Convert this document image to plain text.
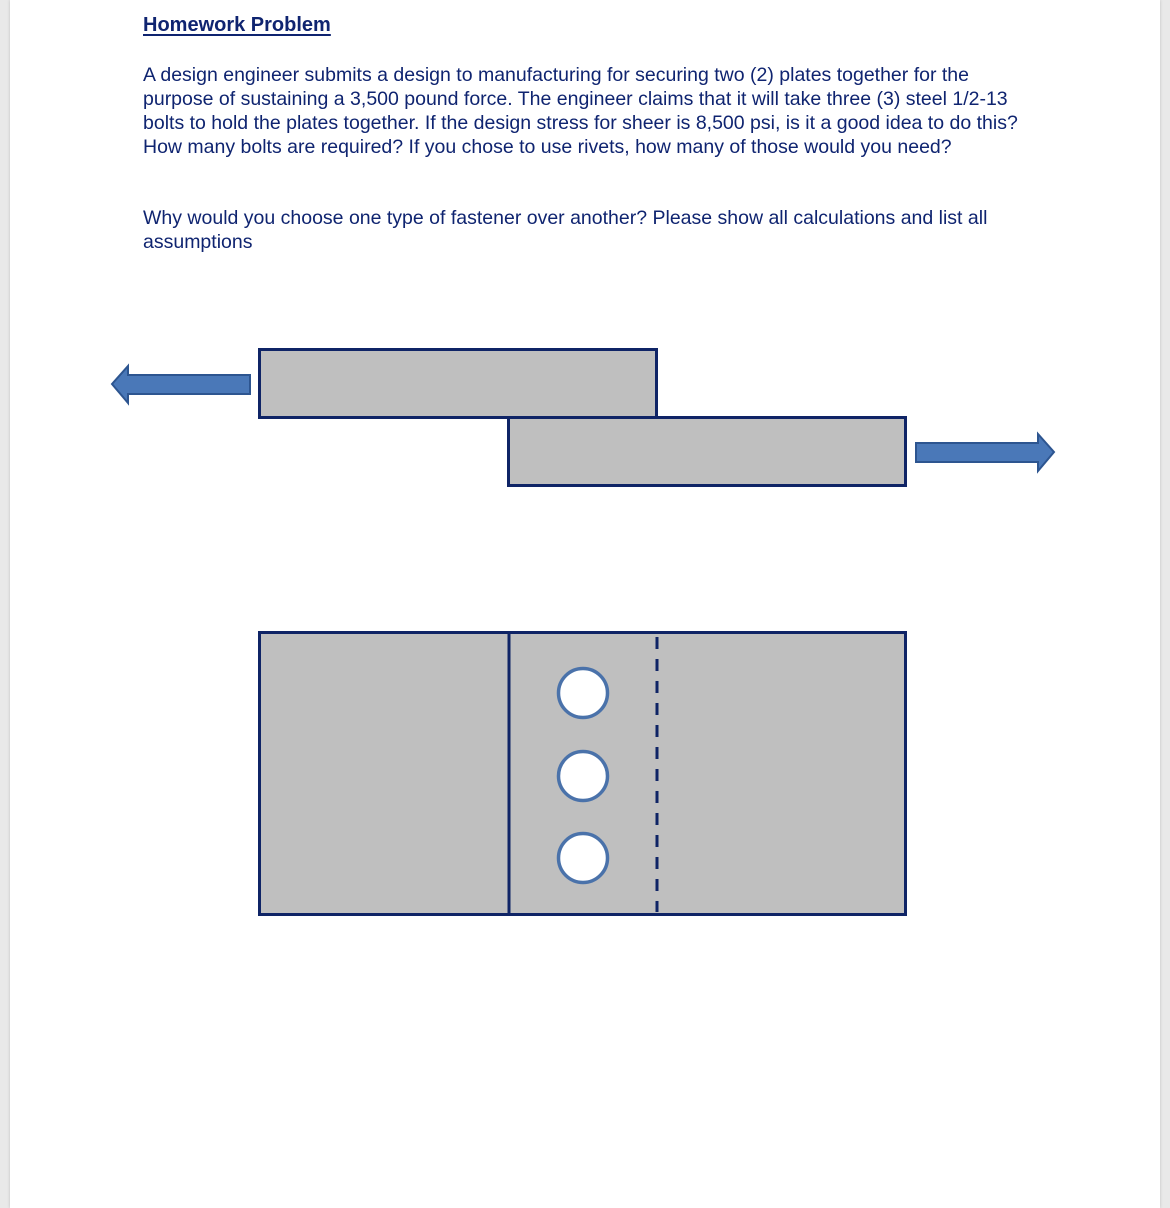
Homework Problem

A design engineer submits a design to manufacturing for securing two (2) plates together for the purpose of sustaining a 3,500 pound force. The engineer claims that it will take three (3) steel 1/2-13 bolts to hold the plates together. If the design stress for sheer is 8,500 psi, is it a good idea to do this? How many bolts are required? If you chose to use rivets, how many of those would you need?

Why would you choose one type of fastener over another? Please show all calculations and list all assumptions
